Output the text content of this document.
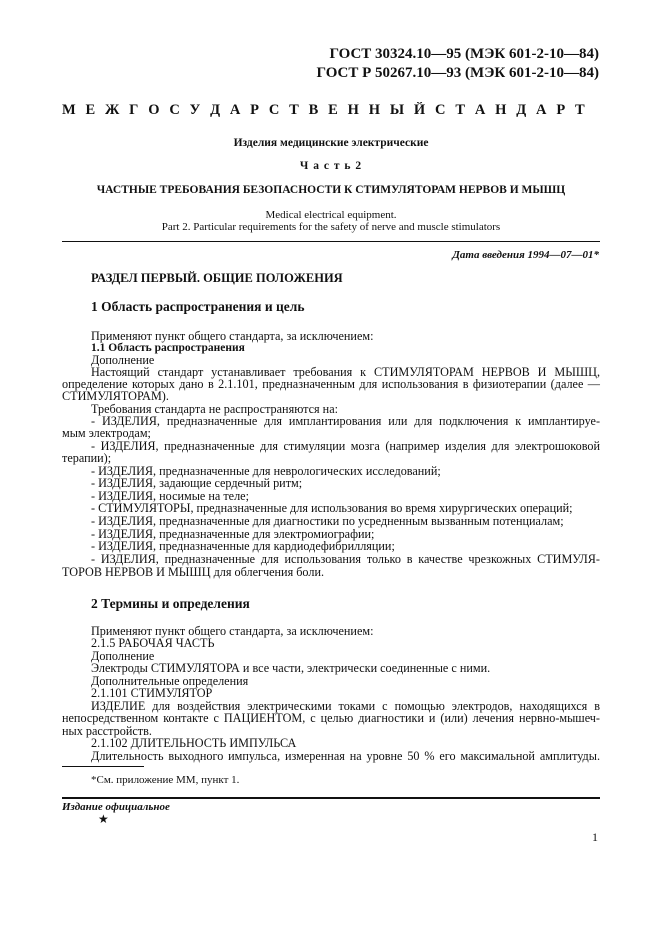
ГОСТ 30324.10—95 (МЭК 601-2-10—84)
ГОСТ Р 50267.10—93 (МЭК 601-2-10—84)
М Е Ж Г О С У Д А Р С Т В Е Н Н Ы Й С Т А Н Д А Р Т
Изделия медицинские электрические
Ч а с т ь 2
ЧАСТНЫЕ ТРЕБОВАНИЯ БЕЗОПАСНОСТИ К СТИМУЛЯТОРАМ НЕРВОВ И МЫШЦ
Medical electrical equipment.
Part 2. Particular requirements for the safety of nerve and muscle stimulators
Дата введения 1994—07—01*
РАЗДЕЛ ПЕРВЫЙ. ОБЩИЕ ПОЛОЖЕНИЯ
1 Область распространения и цель
Применяют пункт общего стандарта, за исключением:
1.1 Область распространения
Дополнение
Настоящий стандарт устанавливает требования к СТИМУЛЯТОРАМ НЕРВОВ И МЫШЦ,
определение которых дано в 2.1.101, предназначенным для использования в физиотерапии (далее —
СТИМУЛЯТОРАМ).
Требования стандарта не распространяются на:
- ИЗДЕЛИЯ, предназначенные для имплантирования или для подключения к имплантируе-
мым электродам;
- ИЗДЕЛИЯ, предназначенные для стимуляции мозга (например изделия для электрошоковой
терапии);
- ИЗДЕЛИЯ, предназначенные для неврологических исследований;
- ИЗДЕЛИЯ, задающие сердечный ритм;
- ИЗДЕЛИЯ, носимые на теле;
- СТИМУЛЯТОРЫ, предназначенные для использования во время хирургических операций;
- ИЗДЕЛИЯ, предназначенные для диагностики по усредненным вызванным потенциалам;
- ИЗДЕЛИЯ, предназначенные для электромиографии;
- ИЗДЕЛИЯ, предназначенные для кардиодефибрилляции;
- ИЗДЕЛИЯ, предназначенные для использования только в качестве чрезкожных СТИМУЛЯ-
ТОРОВ НЕРВОВ И МЫШЦ для облегчения боли.
2 Термины и определения
Применяют пункт общего стандарта, за исключением:
2.1.5 РАБОЧАЯ ЧАСТЬ
Дополнение
Электроды СТИМУЛЯТОРА и все части, электрически соединенные с ними.
Дополнительные определения
2.1.101 СТИМУЛЯТОР
ИЗДЕЛИЕ для воздействия электрическими токами с помощью электродов, находящихся в
непосредственном контакте с ПАЦИЕНТОМ, с целью диагностики и (или) лечения нервно-мышеч-
ных расстройств.
2.1.102 ДЛИТЕЛЬНОСТЬ ИМПУЛЬСА
Длительность выходного импульса, измеренная на уровне 50 % его максимальной амплитуды.
*См. приложение ММ, пункт 1.
Издание официальное
★
1
